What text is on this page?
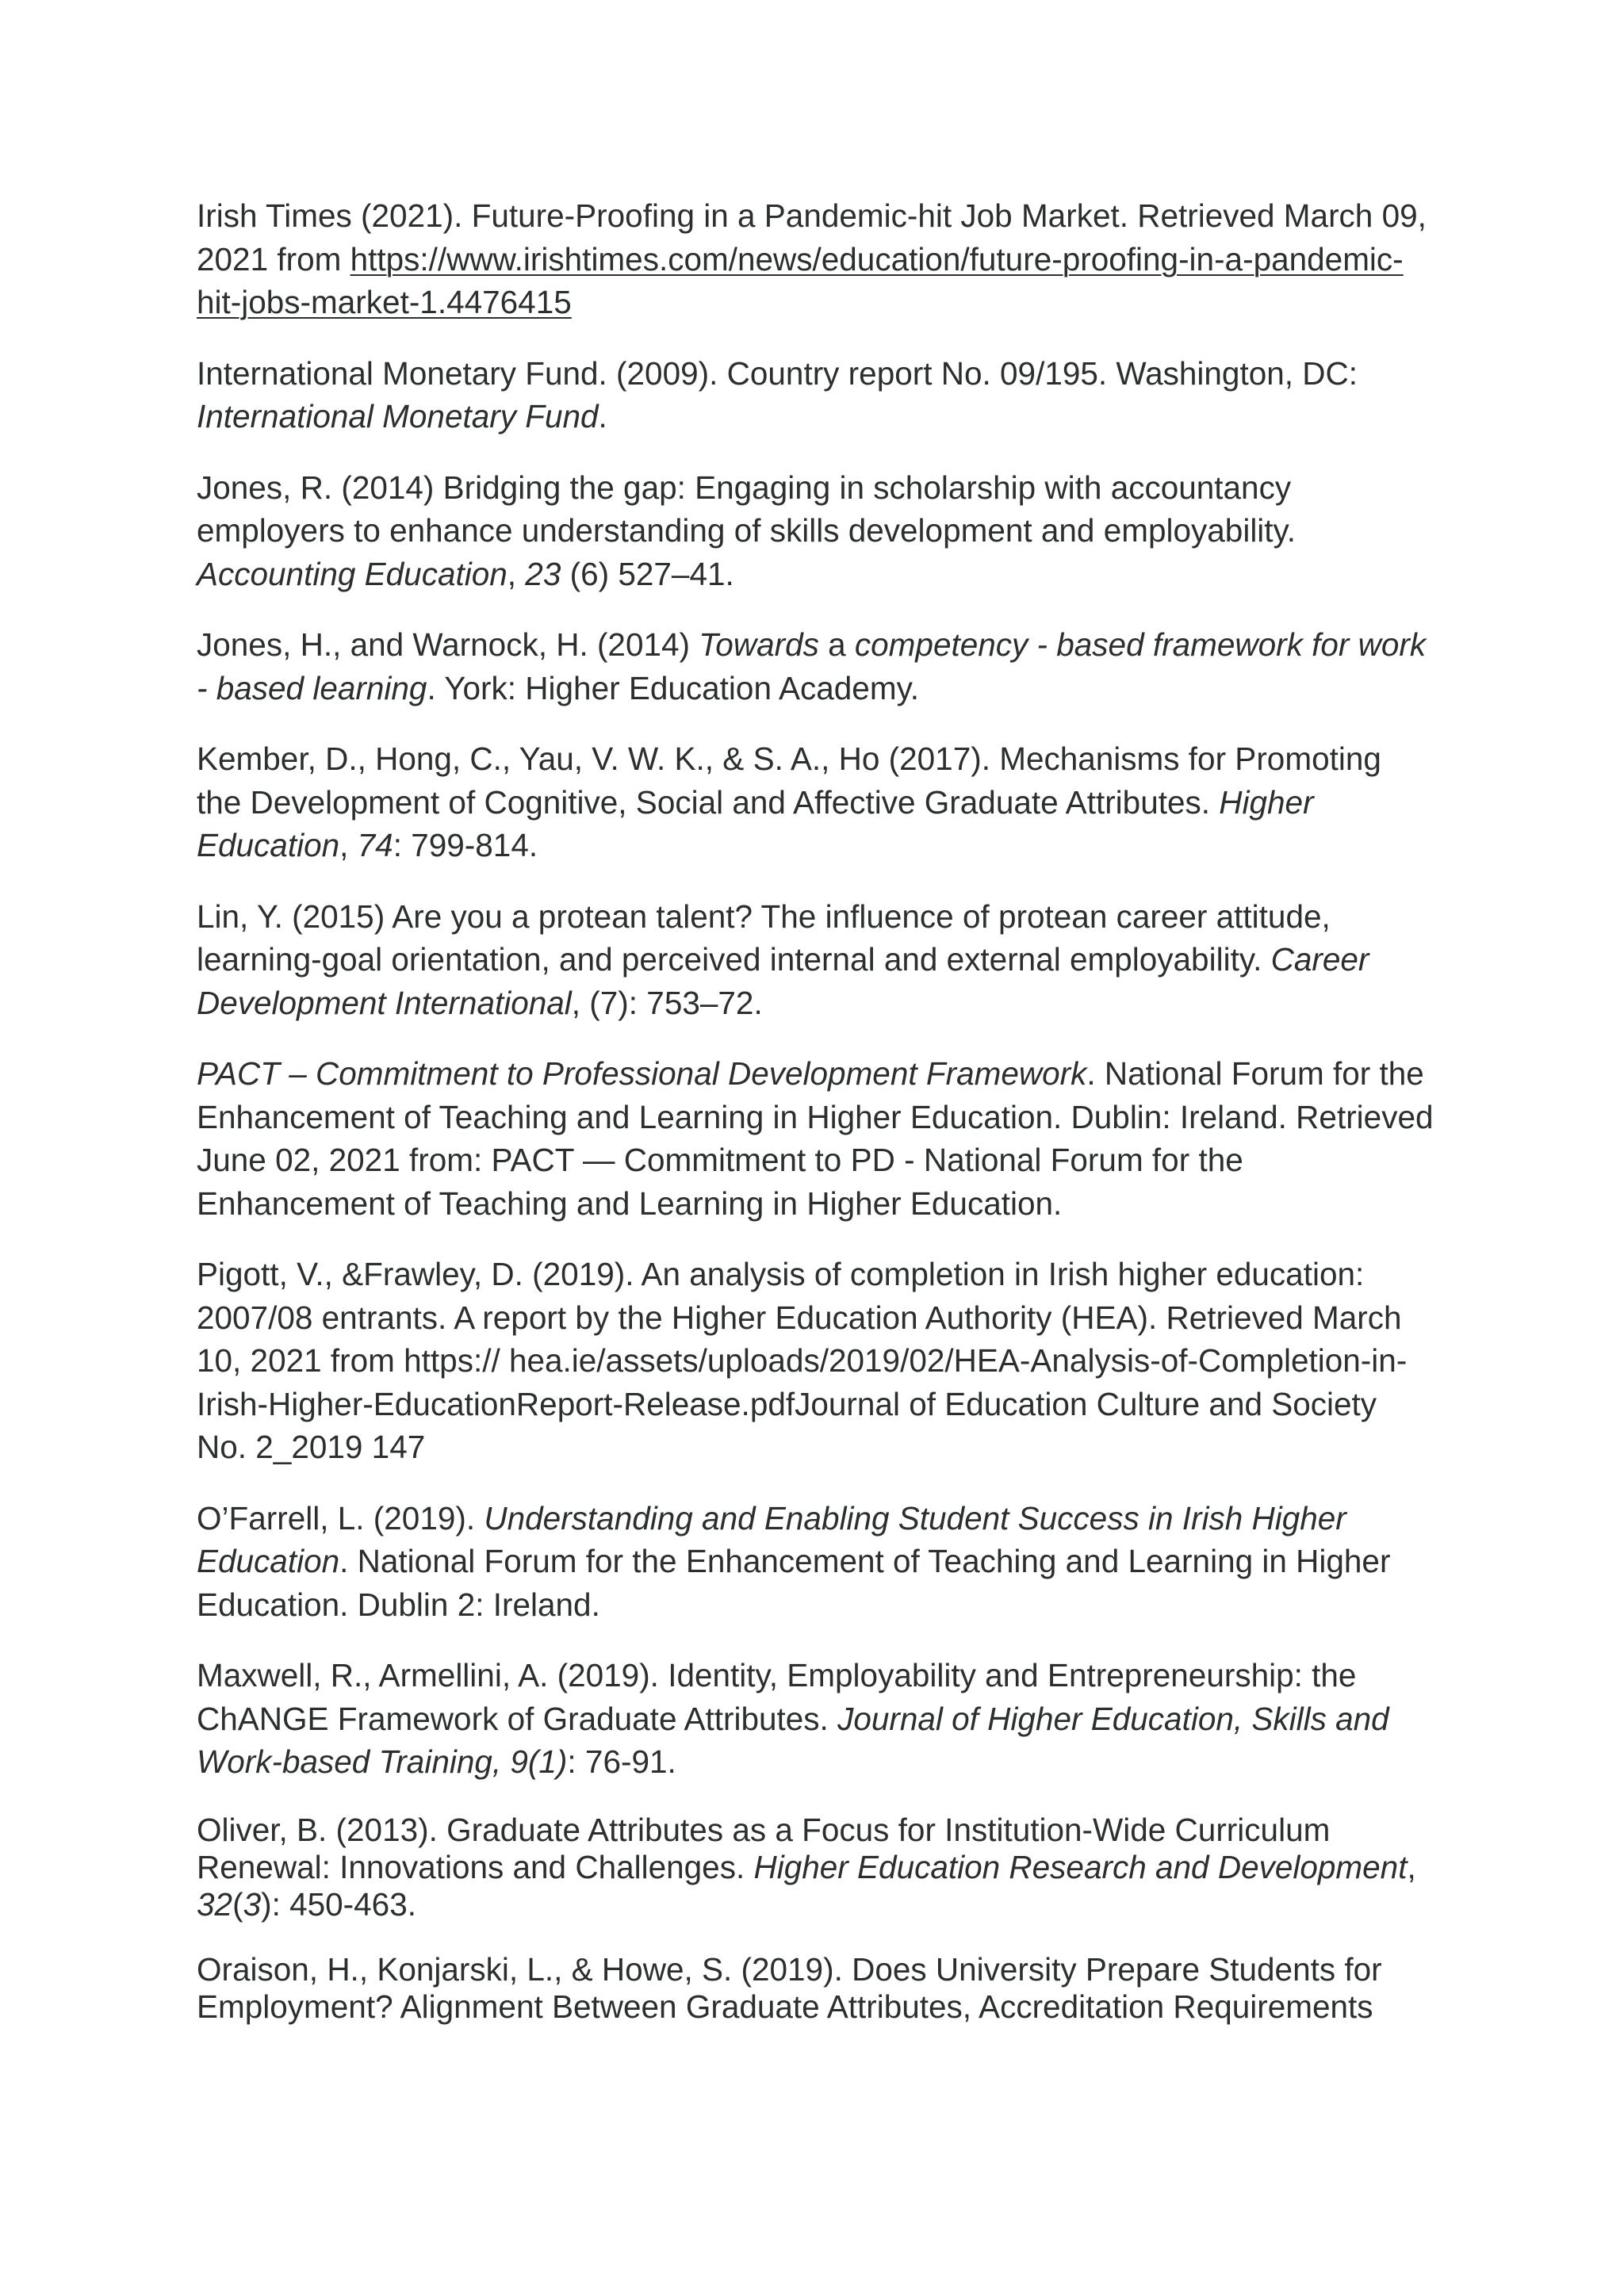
Irish Times (2021). Future-Proofing in a Pandemic-hit Job Market. Retrieved March 09, 2021 from https://www.irishtimes.com/news/education/future-proofing-in-a-pandemic-hit-jobs-market-1.4476415

International Monetary Fund. (2009). Country report No. 09/195. Washington, DC: International Monetary Fund.

Jones, R. (2014) Bridging the gap: Engaging in scholarship with accountancy employers to enhance understanding of skills development and employability. Accounting Education, 23 (6) 527–41.

Jones, H., and Warnock, H. (2014) Towards a competency - based framework for work - based learning. York: Higher Education Academy.

Kember, D., Hong, C., Yau, V. W. K., & S. A., Ho (2017). Mechanisms for Promoting the Development of Cognitive, Social and Affective Graduate Attributes. Higher Education, 74: 799-814.

Lin, Y. (2015) Are you a protean talent? The influence of protean career attitude, learning-goal orientation, and perceived internal and external employability. Career Development International, (7): 753–72.

PACT – Commitment to Professional Development Framework. National Forum for the Enhancement of Teaching and Learning in Higher Education. Dublin: Ireland. Retrieved June 02, 2021 from: PACT — Commitment to PD - National Forum for the Enhancement of Teaching and Learning in Higher Education.

Pigott, V., &Frawley, D. (2019). An analysis of completion in Irish higher education: 2007/08 entrants. A report by the Higher Education Authority (HEA). Retrieved March 10, 2021 from https:// hea.ie/assets/uploads/2019/02/HEA-Analysis-of-Completion-in-Irish-Higher-EducationReport-Release.pdfJournal of Education Culture and Society No. 2_2019 147

O’Farrell, L. (2019). Understanding and Enabling Student Success in Irish Higher Education. National Forum for the Enhancement of Teaching and Learning in Higher Education. Dublin 2: Ireland.

Maxwell, R., Armellini, A. (2019). Identity, Employability and Entrepreneurship: the ChANGE Framework of Graduate Attributes. Journal of Higher Education, Skills and Work-based Training, 9(1): 76-91.

Oliver, B. (2013). Graduate Attributes as a Focus for Institution-Wide Curriculum Renewal: Innovations and Challenges. Higher Education Research and Development, 32(3): 450-463.

Oraison, H., Konjarski, L., & Howe, S. (2019). Does University Prepare Students for Employment? Alignment Between Graduate Attributes, Accreditation Requirements
